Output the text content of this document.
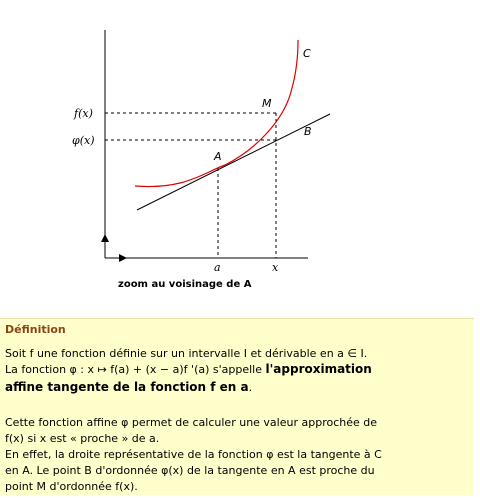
f(x)
φ(x)
a	x
A
M
B
C
zoom au voisinage de A
Définition

Soit f une fonction définie sur un intervalle I et dérivable en a ∈ I.

La fonction φ : x ↦ f(a) + (x − a)f '(a) s'appelle l'approximation

affine tangente de la fonction f en a.

Cette fonction affine φ permet de calculer une valeur approchée de

f(x) si x est « proche » de a.

En effet, la droite représentative de la fonction φ est la tangente à C

en A. Le point B d'ordonnée φ(x) de la tangente en A est proche du

point M d'ordonnée f(x).
